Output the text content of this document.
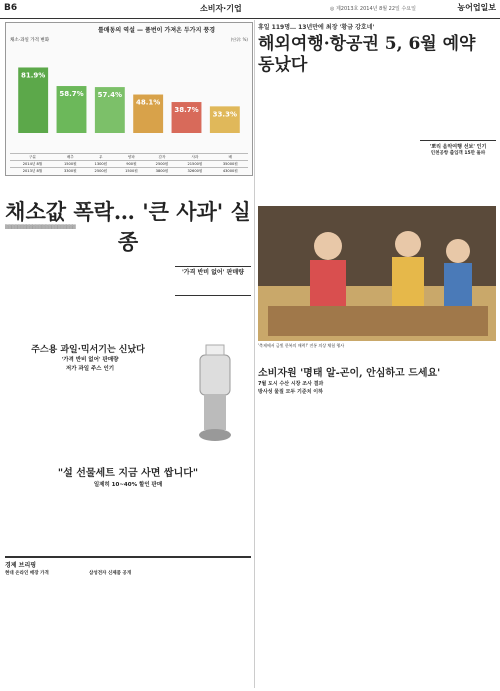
B6	소비자·기업	◎ 제2013호 2014년 8월 22일 수요일	농어업일보
틀매동의 역설 — 품번이 가져온 두가지 풍경
채소·과일 가격 변화	(단위: %)
81.9%
58.7% 57.4%
48.1%
38.7%
33.3%
구분	배추	무	양파	감자	사과	배
2014년 8월	1500원	1300원	900원	2500원	21500원	35000원
2013년 8월	3300원	2500원	1500원	3800원	32600원	43000원
채소값 폭락… '큰 사과' 실종
▒▒▒▒▒▒▒▒▒▒▒▒▒▒▒▒▒▒▒▒▒▒▒
'가격 반비 없어' 판매량
주스용 과일·믹서기는 신났다
'가격 반비 없어' 판매량
저가 과일 주스 인기
"설 선물세트 지금 사면 쌉니다"
일제히 10~40% 할인 판매
경제 브리핑
현대 온라인 매장 가격	삼성전자 신제품 공개
휴일 119명… 13년만에 최장 '황금 강호네'
해외여행·항공권 5, 6월 예약 동났다
'뽀리 음악여행 선보' 인기
인천공항 출입객 15만 돌파
'축제에서 금빛 한복의 매력!' 전통 의상 체험 행사
소비자원 '명태 알-곤이, 안심하고 드세요'
7월 도시 수산 시장 조사 결과
방사성 물질 모두 기준치 이하
